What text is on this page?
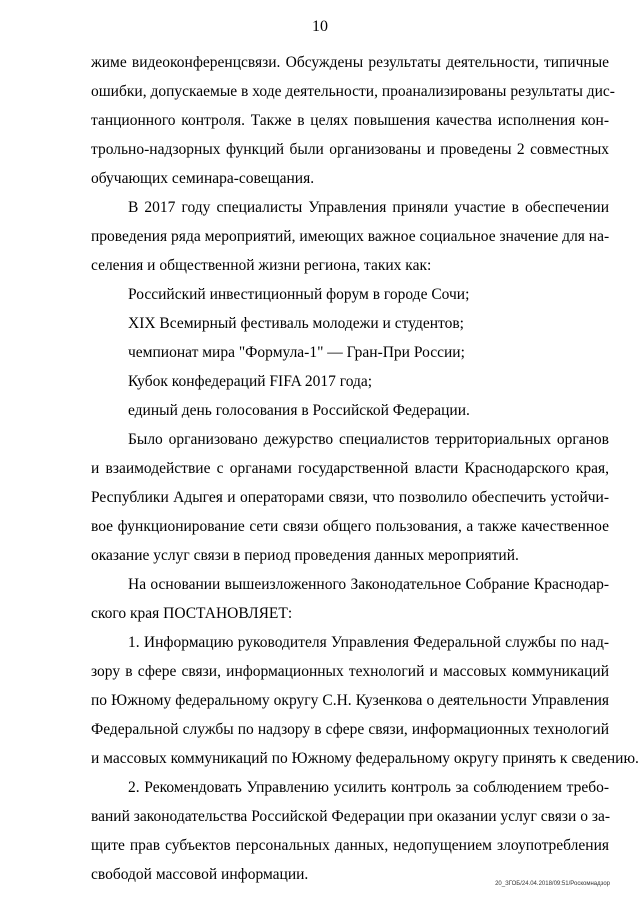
10

жиме видеоконференцсвязи. Обсуждены результаты деятельности, типичные
ошибки, допускаемые в ходе деятельности, проанализированы результаты дис-
танционного контроля. Также в целях повышения качества исполнения кон-
трольно-надзорных функций были организованы и проведены 2 совместных
обучающих семинара-совещания.

В 2017 году специалисты Управления приняли участие в обеспечении
проведения ряда мероприятий, имеющих важное социальное значение для на-
селения и общественной жизни региона, таких как:

Российский инвестиционный форум в городе Сочи;
XIX Всемирный фестиваль молодежи и студентов;
чемпионат мира "Формула-1" — Гран-При России;
Кубок конфедераций FIFA 2017 года;
единый день голосования в Российской Федерации.

Было организовано дежурство специалистов территориальных органов
и взаимодействие с органами государственной власти Краснодарского края,
Республики Адыгея и операторами связи, что позволило обеспечить устойчи-
вое функционирование сети связи общего пользования, а также качественное
оказание услуг связи в период проведения данных мероприятий.

На основании вышеизложенного Законодательное Собрание Краснодар-
ского края ПОСТАНОВЛЯЕТ:

1. Информацию руководителя Управления Федеральной службы по над-
зору в сфере связи, информационных технологий и массовых коммуникаций
по Южному федеральному округу С.Н. Кузенкова о деятельности Управления
Федеральной службы по надзору в сфере связи, информационных технологий
и массовых коммуникаций по Южному федеральному округу принять к сведению.

2. Рекомендовать Управлению усилить контроль за соблюдением требо-
ваний законодательства Российской Федерации при оказании услуг связи о за-
щите прав субъектов персональных данных, недопущением злоупотребления
свободой массовой информации.

20_ЗГОБ/24.04.2018/09:51/Роскомнадзор
